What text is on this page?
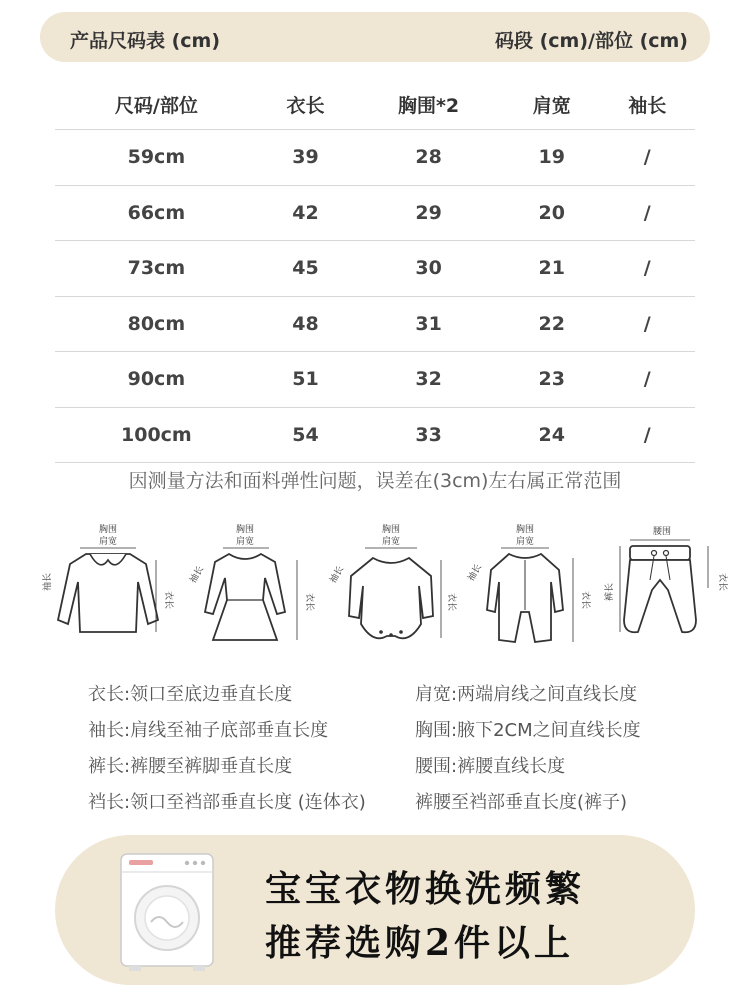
产品尺码表 (cm)	码段 (cm)/部位 (cm)
尺码/部位	衣长	胸围*2	肩宽	袖长
59cm	39	28	19	/
66cm	42	29	20	/
73cm	45	30	21	/
80cm	48	31	22	/
90cm	51	32	23	/
100cm	54	33	24	/
因测量方法和面料弹性问题，误差在(3cm)左右属正常范围
胸围
肩宽
袖长
衣长
胸围
肩宽
袖长
衣长
胸围
肩宽
袖长
衣长
胸围
肩宽
袖长
衣长
腰围
裤长
衣长
衣长:领口至底边垂直长度
袖长:肩线至袖子底部垂直长度
裤长:裤腰至裤脚垂直长度
裆长:领口至裆部垂直长度 (连体衣)
肩宽:两端肩线之间直线长度
胸围:腋下2CM之间直线长度
腰围:裤腰直线长度
裤腰至裆部垂直长度(裤子)
宝宝衣物换洗频繁
推荐选购2件以上
